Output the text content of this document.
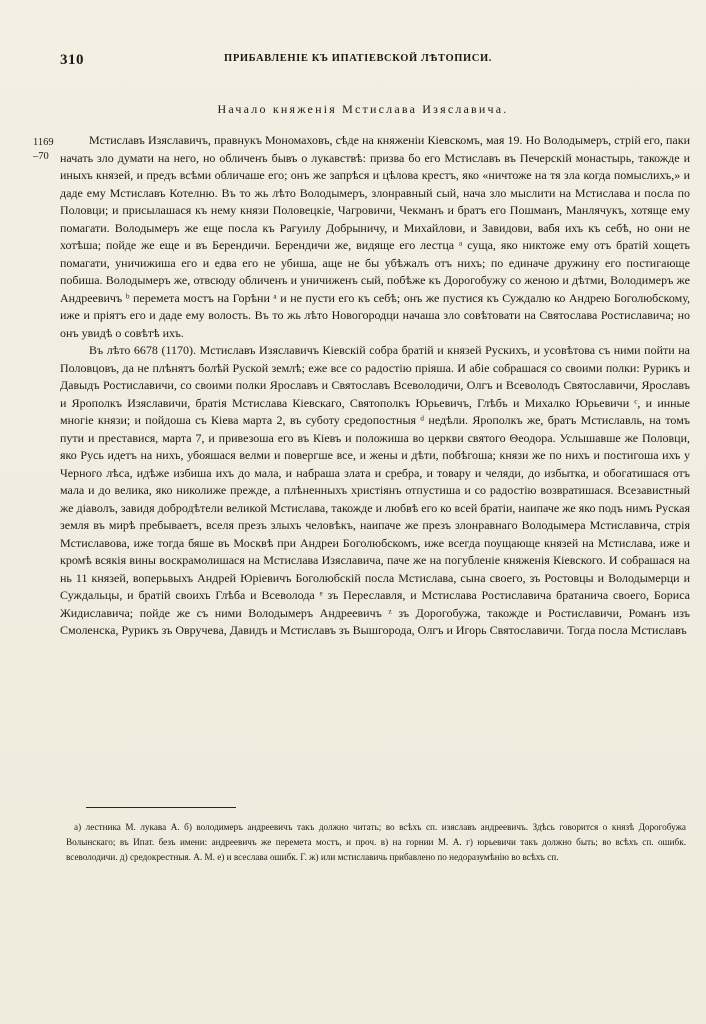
310	ПРИБАВЛЕНІЕ КЪ ИПАТІЕВСКОЙ ЛѢТОПИСИ.
Начало княженія Мстислава Изяславича.
1169
–70

Мстиславъ Изяславичъ, правнукъ Мономаховъ, сѣде на княженіи Кіевскомъ, мая 19. Но Володымеръ, стрій его, паки начать зло думати на него, но обличенъ бывъ о лукавствѣ: призва бо его Мстиславъ въ Печерскій монастырь, такожде и иныхъ князей, и предъ всѣми обличаше его; онъ же запрѣся и цѣлова крестъ, яко «ничтоже на тя зла когда помыслихъ,» и даде ему Мстиславъ Котелню. Въ то жь лѣто Володымеръ, злонравный сый, нача зло мыслити на Мстислава и посла по Половци; и присылашася къ нему князи Половецкіе, Чагровичи, Чекманъ и братъ его Пошманъ, Манлячукъ, хотяще ему помагати. Володымеръ же еще посла къ Рагуилу Добрыничу, и Михайлови, и Завидови, вабя ихъ къ себѣ, но они не хотѣша; пойде же еще и въ Берендичи. Берендичи же, видяще его лестца ᵃ суща, яко никтоже ему отъ братій хощеть помагати, уничижиша его и едва его не убиша, аще не бы убѣжалъ отъ нихъ; по единаче дружину его постигающе побиша. Володымеръ же, отвсюду обличенъ и уничиженъ сый, побѣже къ Дорогобужу со женою и дѣтми, Володимеръ же Андреевичъ ᵇ перемета мостъ на Горѣни ᵃ и не пусти его къ себѣ; онъ же пустися къ Суждалю ко Андрею Боголюбскому, иже и пріятъ его и даде ему волость. Въ то жь лѣто Новогородци начаша зло совѣтовати на Святослава Ростиславича; но онъ увидѣ о совѣтѣ ихъ.

Въ лѣто 6678 (1170). Мстиславъ Изяславичъ Кіевскій собра братій и князей Рускихъ, и усовѣтова съ ними пойти на Половцовъ, да не плѣнятъ болѣй Руской землѣ; еже все со радостію пріяша. И абіе собрашася со своими полки: Рурикъ и Давыдъ Ростиславичи, со своими полки Ярославъ и Святославъ Всеволодичи, Олгъ и Всеволодъ Святославичи, Ярославъ и Ярополкъ Изяславичи, братія Мстислава Кіевскаго, Святополкъ Юрьевичъ, Глѣбъ и Михалко Юрьевичи ᶜ, и инные многіе князи; и пойдоша съ Кіева марта 2, въ суботу средопостныя ᵈ недѣли. Ярополкъ же, братъ Мстиславль, на томъ пути и преставися, марта 7, и привезоша его въ Кіевъ и положиша во церкви святого Θеодора. Услышавше же Половци, яко Русь идетъ на нихъ, убояшася велми и повергше все, и жены и дѣти, побѣгоша; князи же по нихъ и постигоша ихъ у Черного лѣса, идѣже избиша ихъ до мала, и набраша злата и сребра, и товару и челяди, до избытка, и обогатишася отъ мала и до велика, яко николиже прежде, а плѣненныхъ христіянъ отпустиша и со радостію возвратишася. Всезавистный же діаволъ, завидя добродѣтели великой Мстислава, такожде и любвѣ его ко всей братіи, наипаче же яко подъ нимъ Руская земля въ мирѣ пребываетъ, вселя презъ злыхъ человѣкъ, наипаче же презъ злонравнаго Володымера Мстиславича, стрія Мстиславова, иже тогда бяше въ Москвѣ при Андреи Боголюбскомъ, иже всегда поущающе князей на Мстислава, иже и кромѣ всякія вины воскрамолишася на Мстислава Изяславича, паче же на погубленіе княженія Кіевского. И собрашася на нь 11 князей, воперьвыхъ Андрей Юріевичъ Боголюбскій посла Мстислава, сына своего, зъ Ростовцы и Володымерци и Суждальцы, и братій своихъ Глѣба и Всеволода ᵉ зъ Переславля, и Мстислава Ростиславича братанича своего, Бориса Жидиславича; пойде же съ ними Володымеръ Андреевичъ ᶻ зъ Дорогобужа, такожде и Ростиславичи, Романъ изъ Смоленска, Рурикъ зъ Овручева, Давидъ и Мстиславъ зъ Вышгорода, Олгъ и Игорь Святославичи. Тогда посла Мстиславъ

а) лестника М. лукава А. б) володимеръ андреевичъ такъ должно читать; во всѣхъ сп. изяславъ андреевичъ. Здѣсь говорится о князѣ Дорогобужа Волынскаго; въ Ипат. безъ имени: андреевичъ же перемета мостъ, и проч. в) на горнии М. А. г) юрьевичи такъ должно быть; во всѣхъ сп. ошибк. всеволодичи. д) средокрестныя. А. М. е) и всеслава ошибк. Г. ж) или мстиславичь прибавлено по недоразумѣнію во всѣхъ сп.
